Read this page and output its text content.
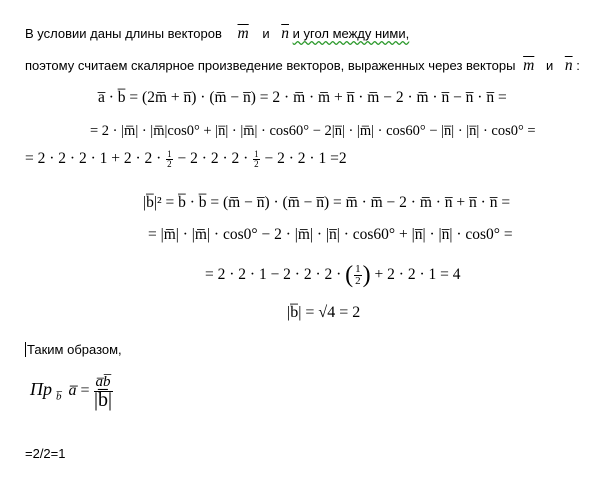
В условии даны длины векторов $\overline{m}$ и $\overline{n}$ и угол между ними,
поэтому считаем скалярное произведение векторов, выраженных через векторы $\overline{m}$ и $\overline{n}$ :
a̅ · b̅ = (2m̅ + n̅) · (m̅ − n̅) = 2 · m̅ · m̅ + n̅ · m̅ − 2 · m̅ · n̅ − n̅ · n̅ =
= 2 · |m̅| · |m̅|cos0° + |n̅| · |m̅| · cos60° − 2|n̅| · |m̅| · cos60° − |n̅| · |n̅| · cos0° =
= $2 \cdot 2 \cdot 2 \cdot 1 + 2 \cdot 2 \cdot \frac{1}{2} - 2 \cdot 2 \cdot 2 \cdot \frac{1}{2} - 2 \cdot 2 \cdot 1 =2$
|b̅|² = b̅ · b̅ = (m̅ − n̅) · (m̅ − n̅) = m̅ · m̅ − 2 · m̅ · n̅ + n̅ · n̅ =
= |m̅| · |m̅| · cos0° − 2 · |m̅| · |n̅| · cos60° + |n̅| · |n̅| · cos0° =
= 2 · 2 · 1 − 2 · 2 · 2 · ( $\frac{1}{2}$ ) + 2 · 2 · 1 = 4
|b̅| = √4 = 2
Таким образом,
Пр $_{b̅}$ a̅ =
a̅b̅
|b̅|
=2/2=1
